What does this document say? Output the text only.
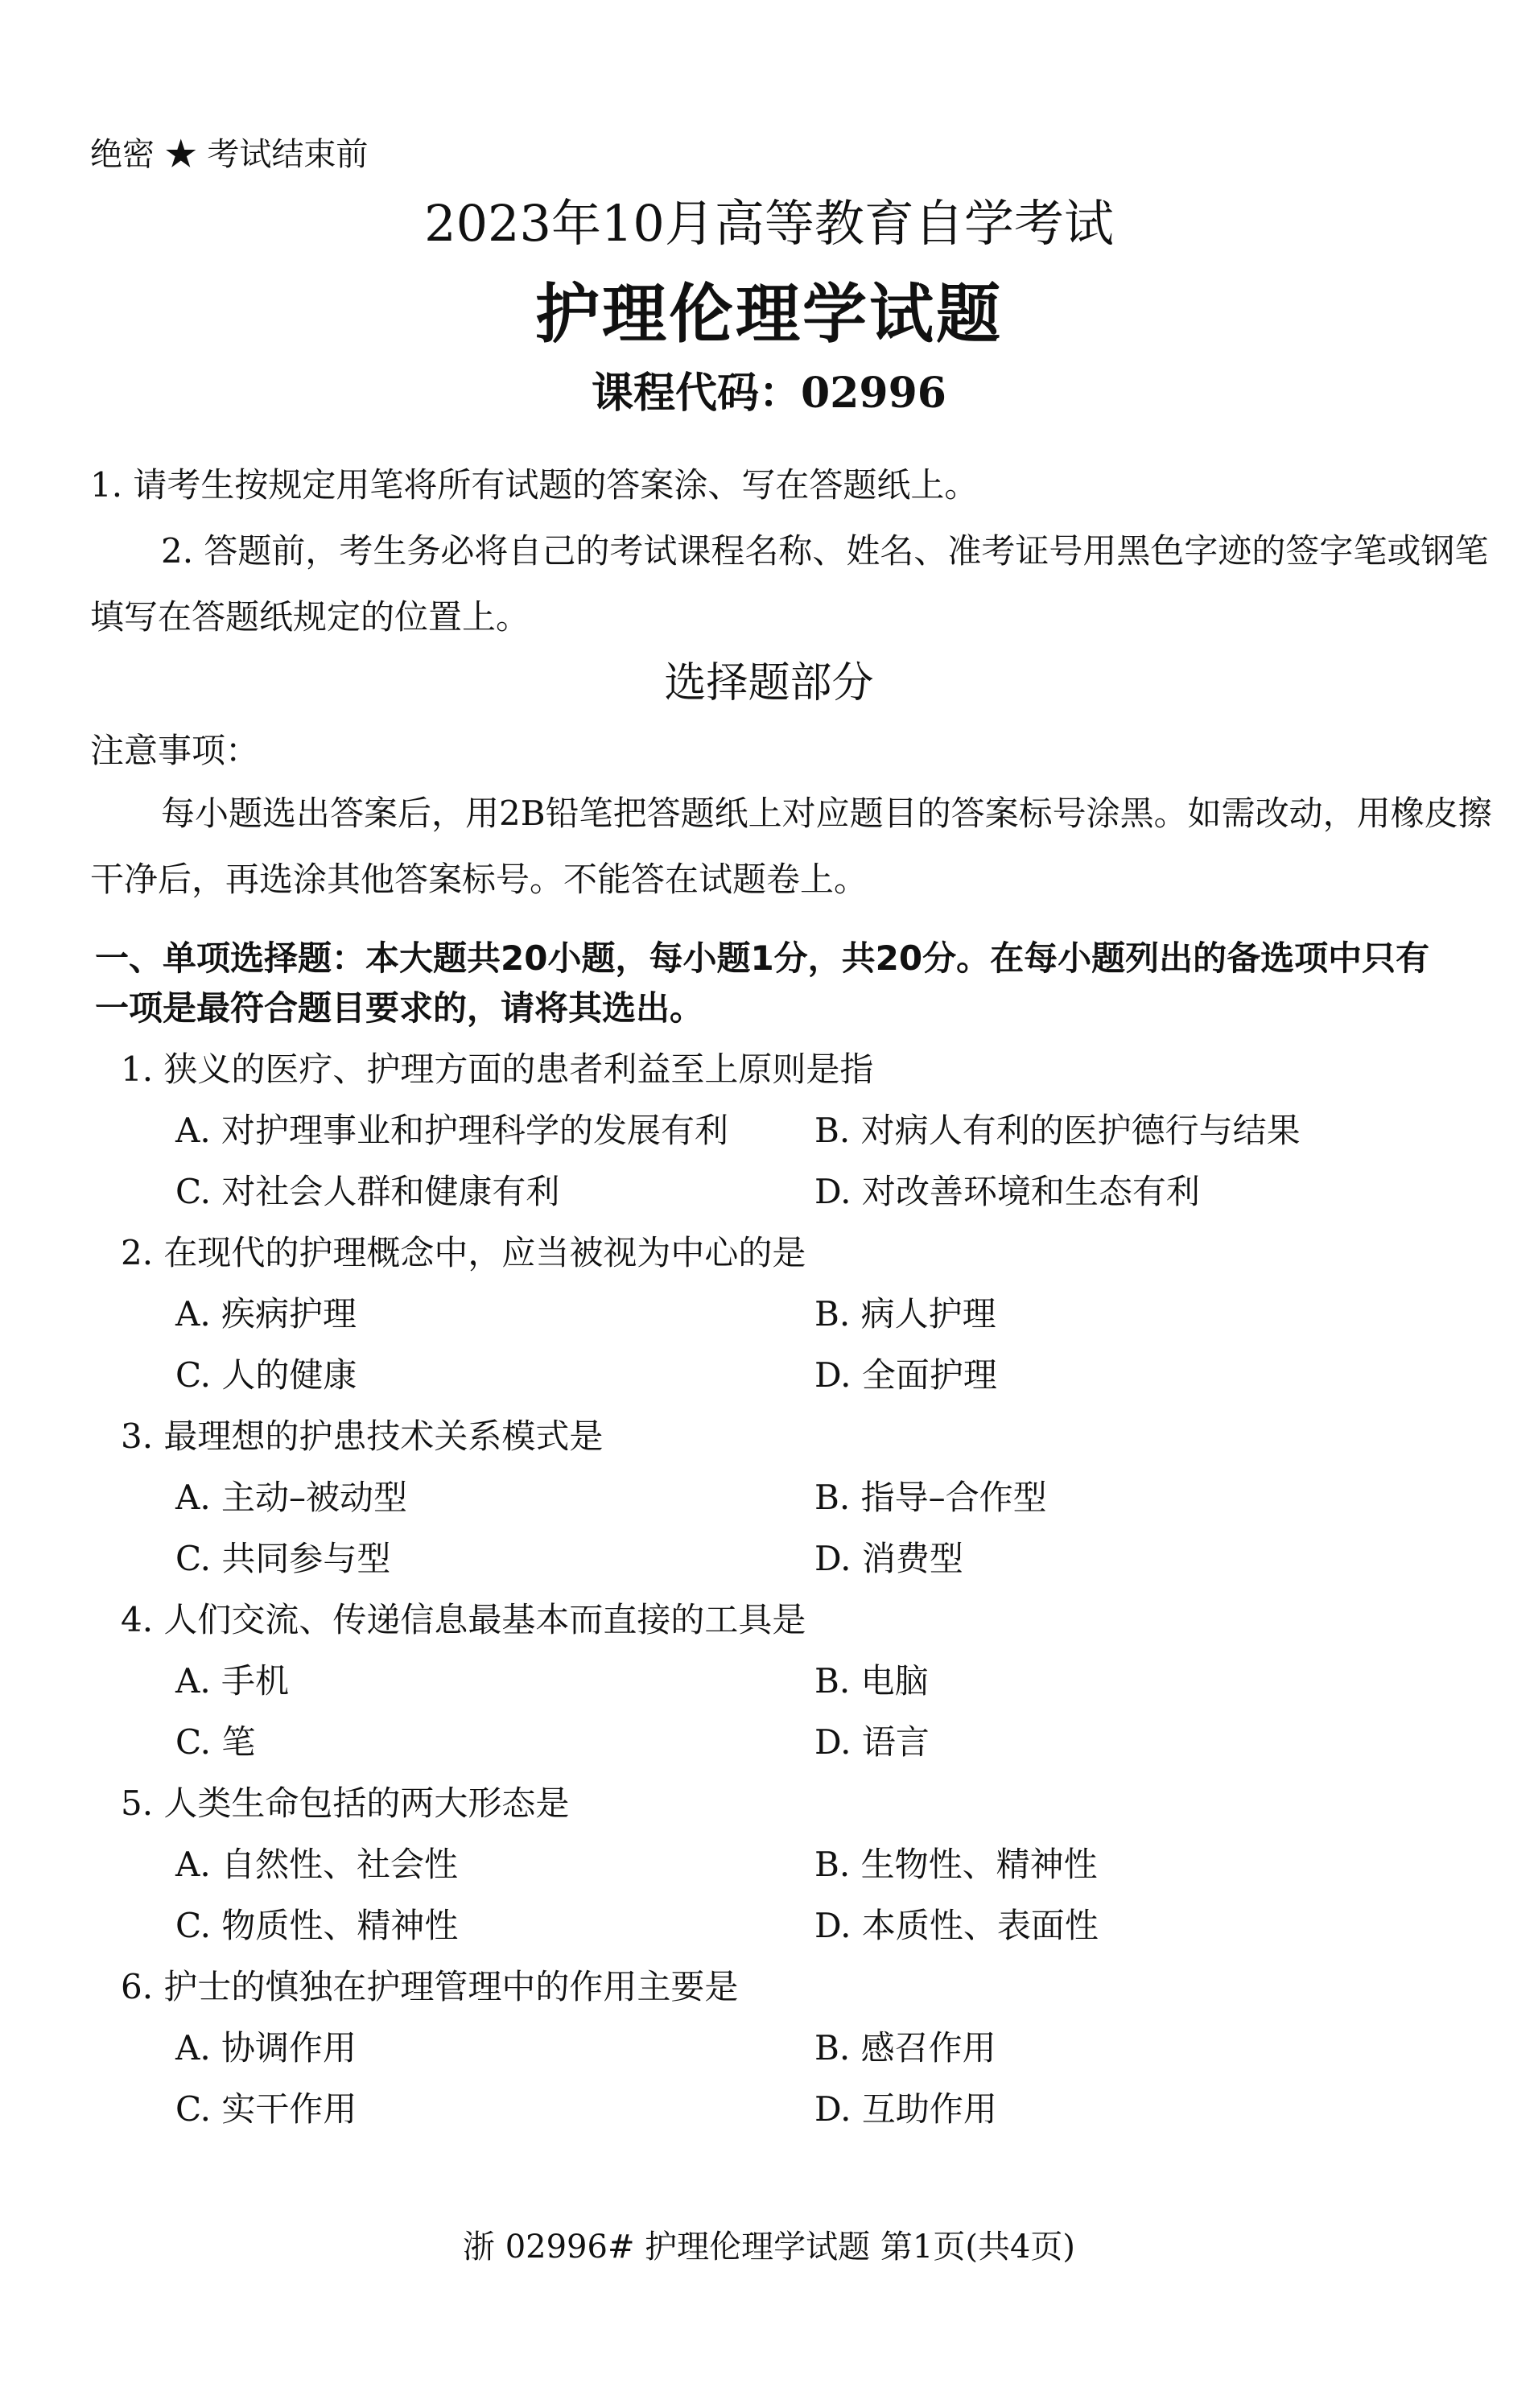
绝密 ★ 考试结束前
2023年10月高等教育自学考试
护理伦理学试题
课程代码：02996
1. 请考生按规定用笔将所有试题的答案涂、写在答题纸上。
2. 答题前，考生务必将自己的考试课程名称、姓名、准考证号用黑色字迹的签字笔或钢笔填写在答题纸规定的位置上。
选择题部分
注意事项：
每小题选出答案后，用2B铅笔把答题纸上对应题目的答案标号涂黑。如需改动，用橡皮擦干净后，再选涂其他答案标号。不能答在试题卷上。
一、单项选择题：本大题共20小题，每小题1分，共20分。在每小题列出的备选项中只有一项是最符合题目要求的，请将其选出。
1. 狭义的医疗、护理方面的患者利益至上原则是指
A. 对护理事业和护理科学的发展有利	B. 对病人有利的医护德行与结果
C. 对社会人群和健康有利	D. 对改善环境和生态有利
2. 在现代的护理概念中，应当被视为中心的是
A. 疾病护理	B. 病人护理
C. 人的健康	D. 全面护理
3. 最理想的护患技术关系模式是
A. 主动–被动型	B. 指导–合作型
C. 共同参与型	D. 消费型
4. 人们交流、传递信息最基本而直接的工具是
A. 手机	B. 电脑
C. 笔	D. 语言
5. 人类生命包括的两大形态是
A. 自然性、社会性	B. 生物性、精神性
C. 物质性、精神性	D. 本质性、表面性
6. 护士的慎独在护理管理中的作用主要是
A. 协调作用	B. 感召作用
C. 实干作用	D. 互助作用
浙 02996# 护理伦理学试题 第1页(共4页)
